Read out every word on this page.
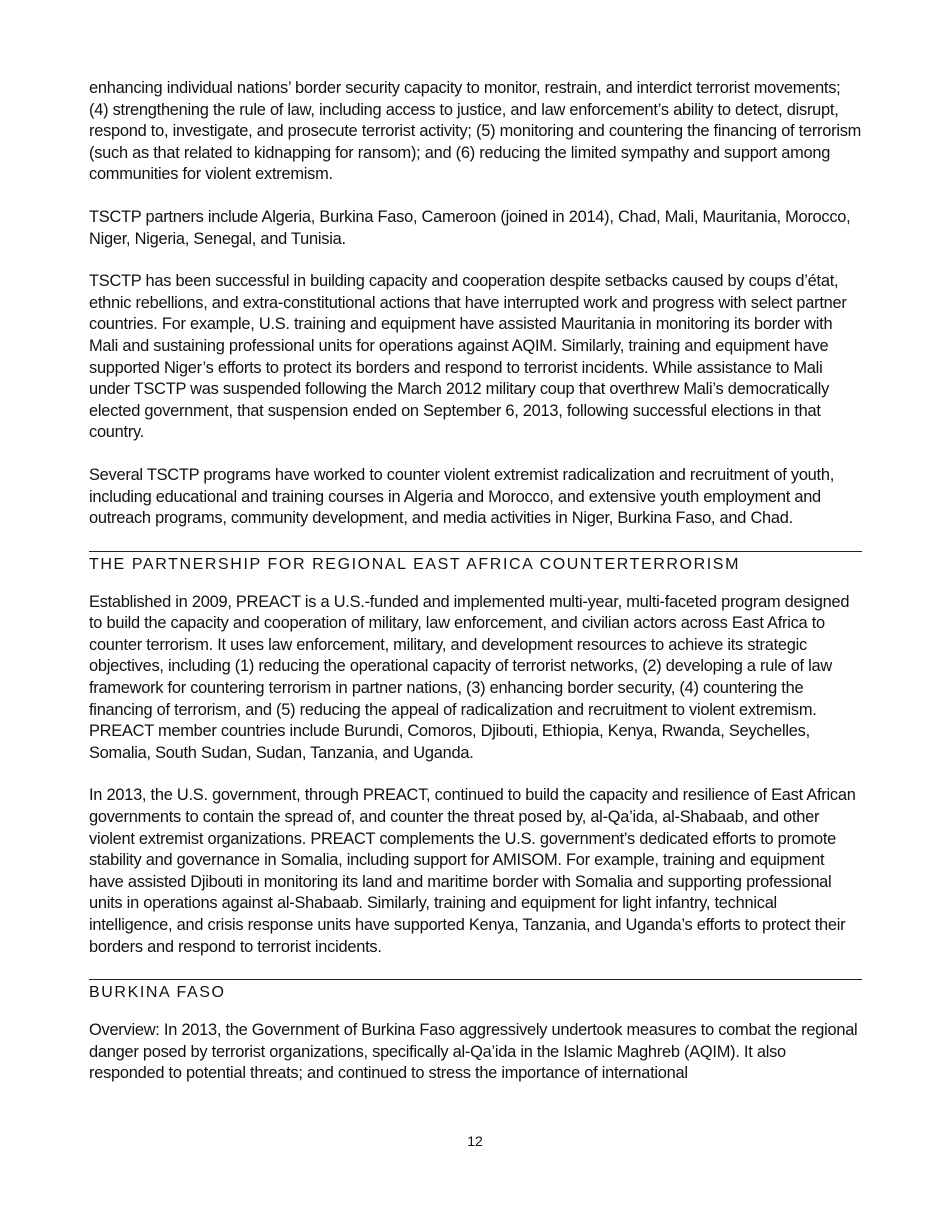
enhancing individual nations’ border security capacity to monitor, restrain, and interdict terrorist movements; (4) strengthening the rule of law, including access to justice, and law enforcement’s ability to detect, disrupt, respond to, investigate, and prosecute terrorist activity; (5) monitoring and countering the financing of terrorism (such as that related to kidnapping for ransom); and (6) reducing the limited sympathy and support among communities for violent extremism.

TSCTP partners include Algeria, Burkina Faso, Cameroon (joined in 2014), Chad, Mali, Mauritania, Morocco, Niger, Nigeria, Senegal, and Tunisia.

TSCTP has been successful in building capacity and cooperation despite setbacks caused by coups d’état, ethnic rebellions, and extra-constitutional actions that have interrupted work and progress with select partner countries. For example, U.S. training and equipment have assisted Mauritania in monitoring its border with Mali and sustaining professional units for operations against AQIM. Similarly, training and equipment have supported Niger’s efforts to protect its borders and respond to terrorist incidents. While assistance to Mali under TSCTP was suspended following the March 2012 military coup that overthrew Mali’s democratically elected government, that suspension ended on September 6, 2013, following successful elections in that country.

Several TSCTP programs have worked to counter violent extremist radicalization and recruitment of youth, including educational and training courses in Algeria and Morocco, and extensive youth employment and outreach programs, community development, and media activities in Niger, Burkina Faso, and Chad.

THE PARTNERSHIP FOR REGIONAL EAST AFRICA COUNTERTERRORISM

Established in 2009, PREACT is a U.S.-funded and implemented multi-year, multi-faceted program designed to build the capacity and cooperation of military, law enforcement, and civilian actors across East Africa to counter terrorism. It uses law enforcement, military, and development resources to achieve its strategic objectives, including (1) reducing the operational capacity of terrorist networks, (2) developing a rule of law framework for countering terrorism in partner nations, (3) enhancing border security, (4) countering the financing of terrorism, and (5) reducing the appeal of radicalization and recruitment to violent extremism. PREACT member countries include Burundi, Comoros, Djibouti, Ethiopia, Kenya, Rwanda, Seychelles, Somalia, South Sudan, Sudan, Tanzania, and Uganda.

In 2013, the U.S. government, through PREACT, continued to build the capacity and resilience of East African governments to contain the spread of, and counter the threat posed by, al-Qa’ida, al-Shabaab, and other violent extremist organizations. PREACT complements the U.S. government’s dedicated efforts to promote stability and governance in Somalia, including support for AMISOM. For example, training and equipment have assisted Djibouti in monitoring its land and maritime border with Somalia and supporting professional units in operations against al-Shabaab. Similarly, training and equipment for light infantry, technical intelligence, and crisis response units have supported Kenya, Tanzania, and Uganda’s efforts to protect their borders and respond to terrorist incidents.

BURKINA FASO

Overview: In 2013, the Government of Burkina Faso aggressively undertook measures to combat the regional danger posed by terrorist organizations, specifically al-Qa’ida in the Islamic Maghreb (AQIM). It also responded to potential threats; and continued to stress the importance of international

12
